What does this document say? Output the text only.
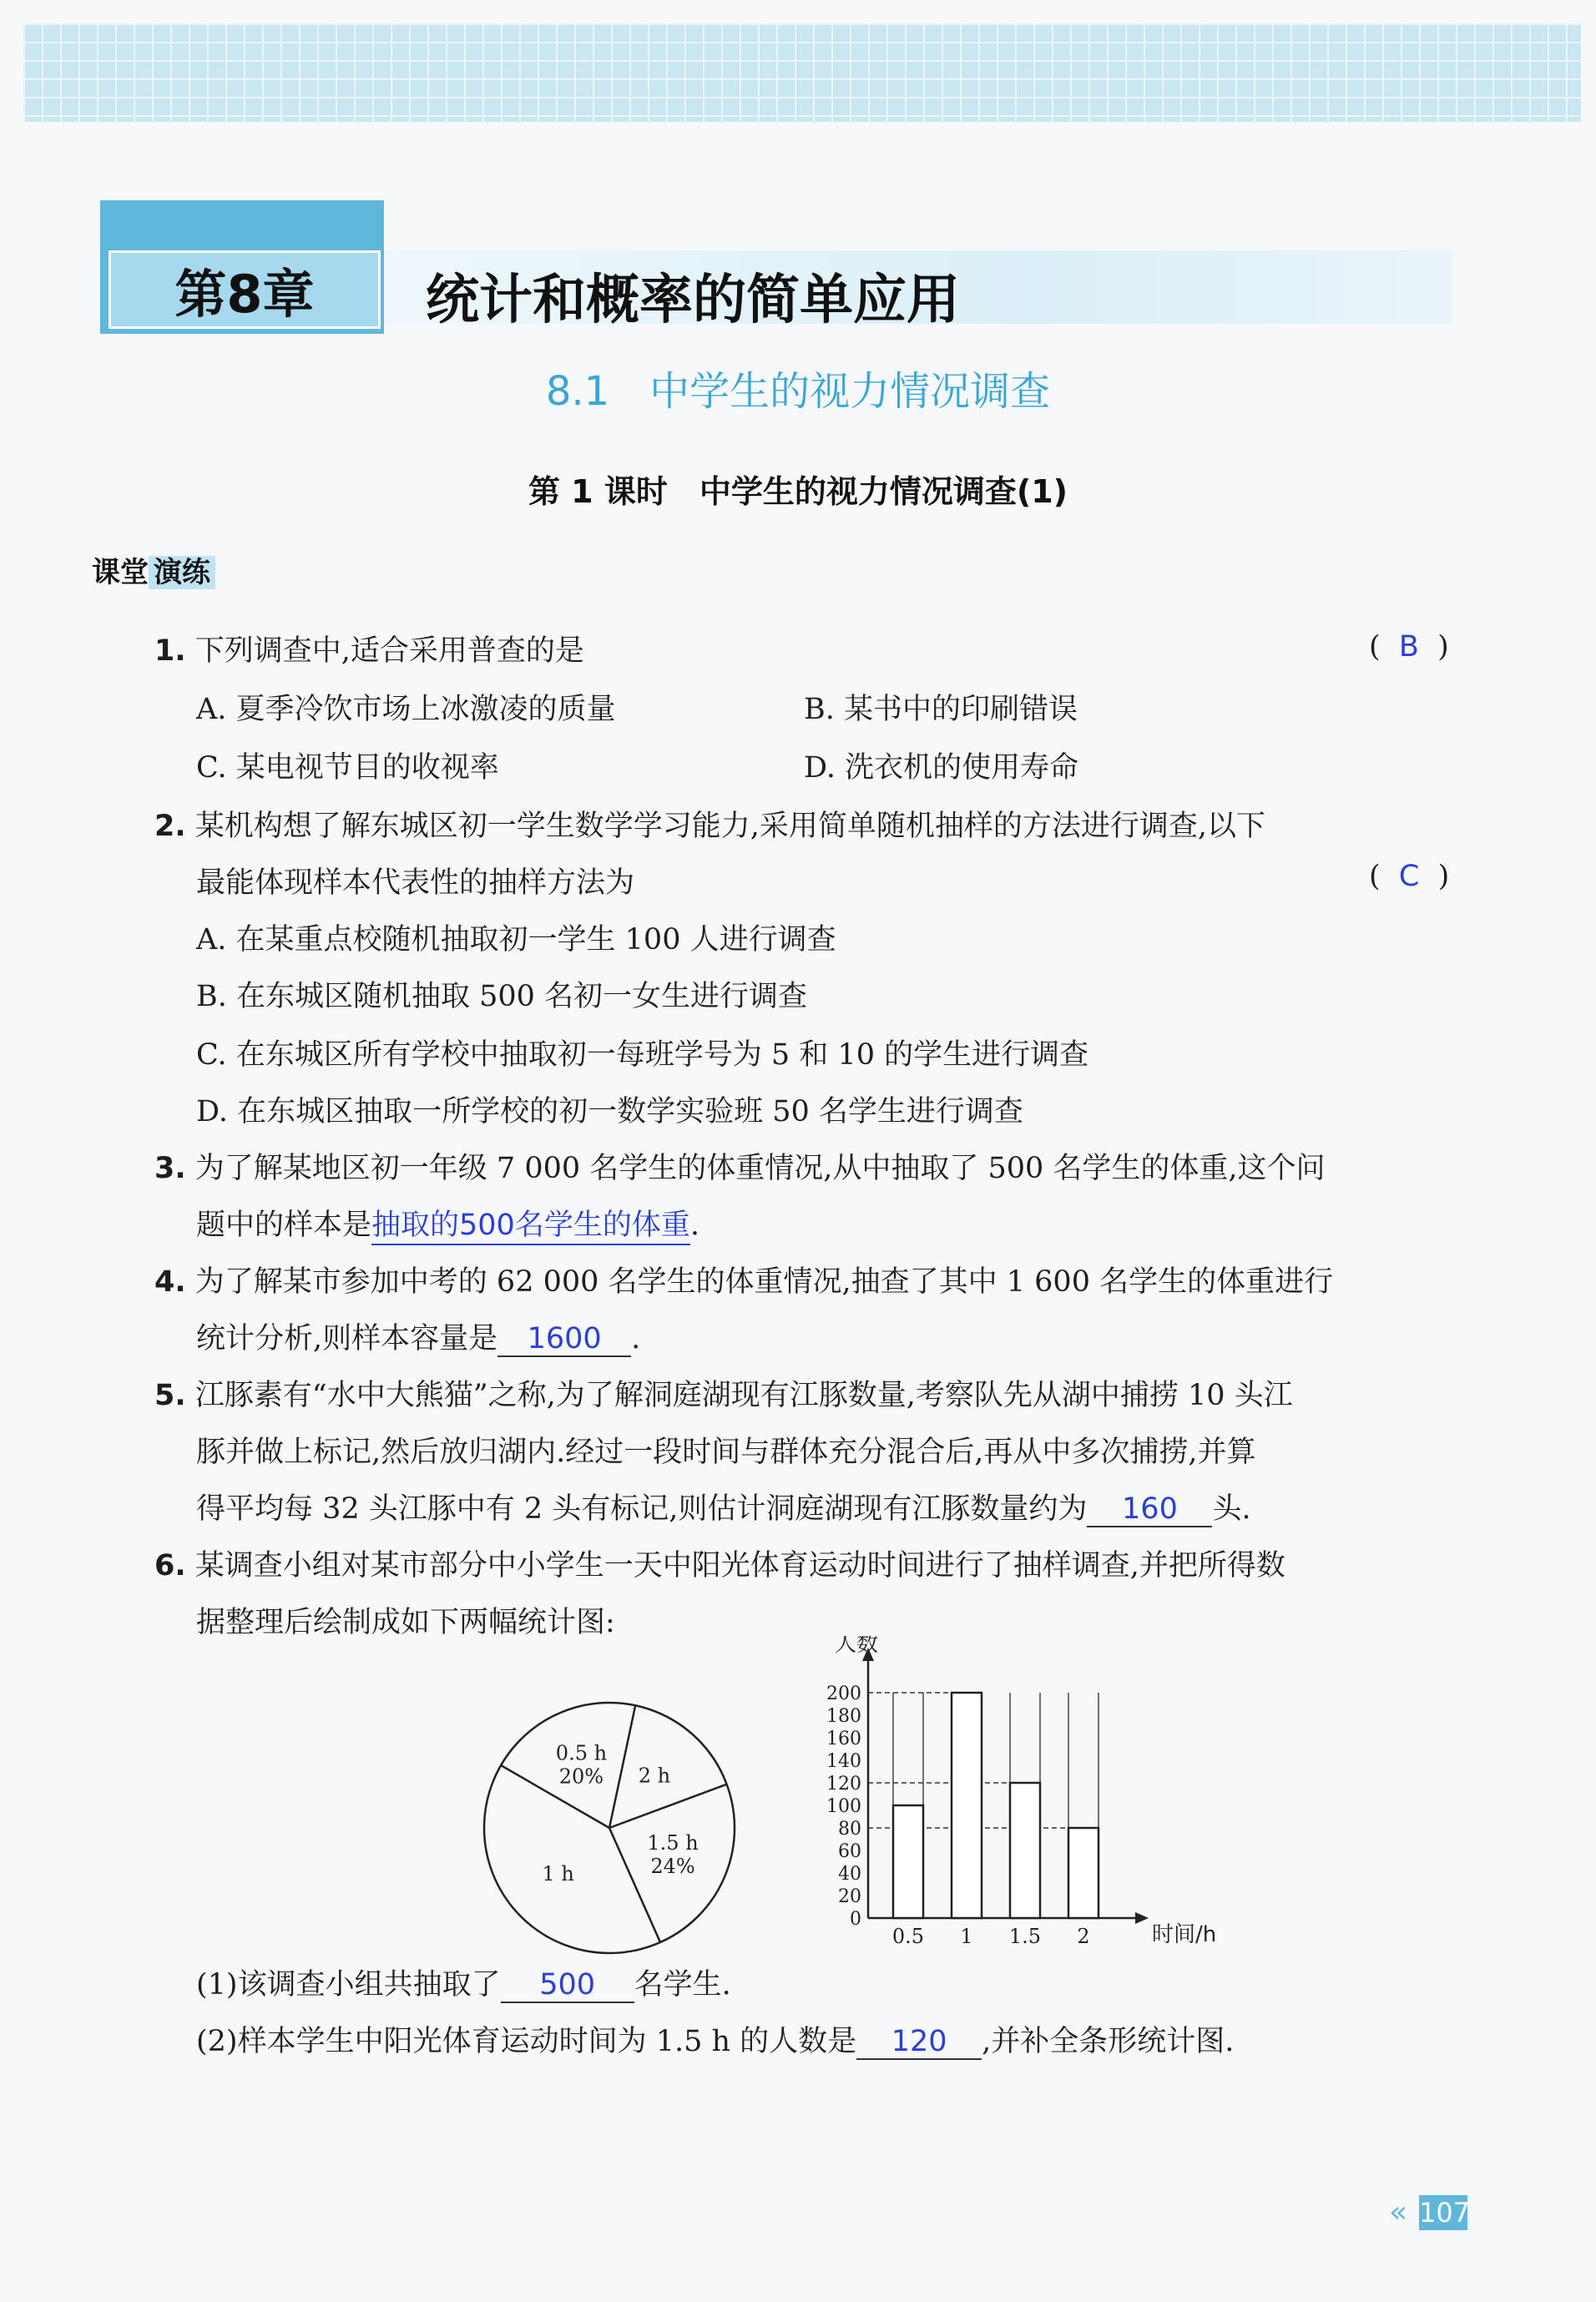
第8章 统计和概率的简单应用
8.1　中学生的视力情况调查
第 1 课时　中学生的视力情况调查(1)
课堂 演练
1. 下列调查中,适合采用普查的是	(  B  )
A. 夏季冷饮市场上冰激凌的质量	B. 某书中的印刷错误
C. 某电视节目的收视率	D. 洗衣机的使用寿命
2. 某机构想了解东城区初一学生数学学习能力,采用简单随机抽样的方法进行调查,以下
最能体现样本代表性的抽样方法为	(  C  )
A. 在某重点校随机抽取初一学生 100 人进行调查
B. 在东城区随机抽取 500 名初一女生进行调查
C. 在东城区所有学校中抽取初一每班学号为 5 和 10 的学生进行调查
D. 在东城区抽取一所学校的初一数学实验班 50 名学生进行调查
3. 为了解某地区初一年级 7 000 名学生的体重情况,从中抽取了 500 名学生的体重,这个问
题中的样本是抽取的500名学生的体重.
4. 为了解某市参加中考的 62 000 名学生的体重情况,抽查了其中 1 600 名学生的体重进行
统计分析,则样本容量是 1600 .
5. 江豚素有“水中大熊猫”之称,为了解洞庭湖现有江豚数量,考察队先从湖中捕捞 10 头江
豚并做上标记,然后放归湖内.经过一段时间与群体充分混合后,再从中多次捕捞,并算
得平均每 32 头江豚中有 2 头有标记,则估计洞庭湖现有江豚数量约为 160 头.
6. 某调查小组对某市部分中小学生一天中阳光体育运动时间进行了抽样调查,并把所得数
据整理后绘制成如下两幅统计图:
0.5 h
20% 2 h
1.5 h
24%
1 h
人数
时间/h
0
20
40
60
80
100
120
140
160
180
200
0.5 1 1.5 2
(1)该调查小组共抽取了 500 名学生.
(2)样本学生中阳光体育运动时间为 1.5 h 的人数是 120 ,并补全条形统计图.
« 107
